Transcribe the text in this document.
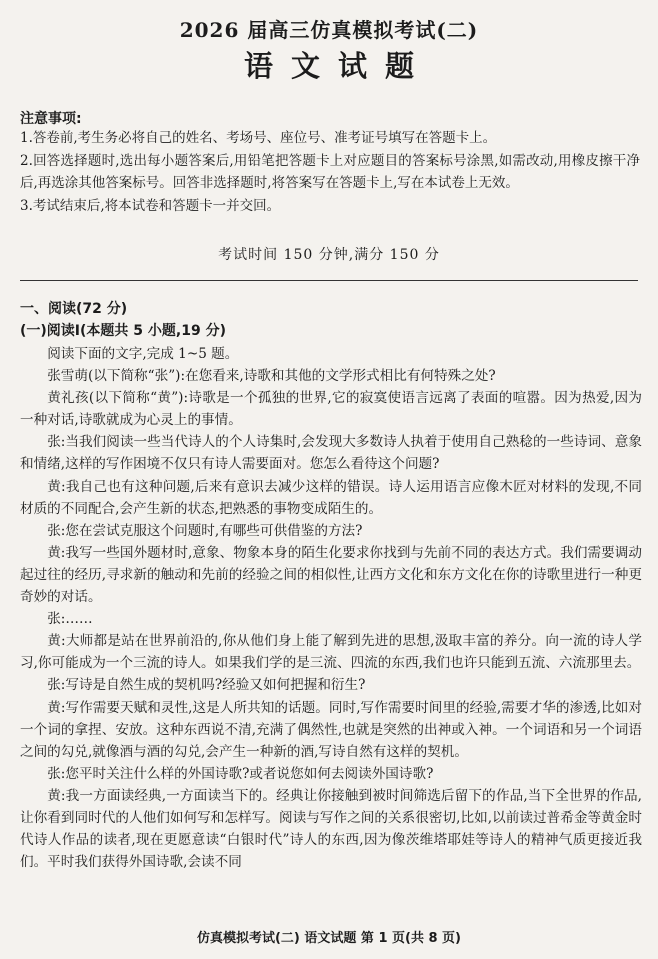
2026 届高三仿真模拟考试(二)
语文试题
注意事项:

1.答卷前,考生务必将自己的姓名、考场号、座位号、准考证号填写在答题卡上。

2.回答选择题时,选出每小题答案后,用铅笔把答题卡上对应题目的答案标号涂黑,如需改动,用橡皮擦干净后,再选涂其他答案标号。回答非选择题时,将答案写在答题卡上,写在本试卷上无效。

3.考试结束后,将本试卷和答题卡一并交回。

考试时间 150 分钟,满分 150 分
一、阅读(72 分)
(一)阅读Ⅰ(本题共 5 小题,19 分)

阅读下面的文字,完成 1~5 题。

张雪萌(以下简称“张”):在您看来,诗歌和其他的文学形式相比有何特殊之处?

黄礼孩(以下简称“黄”):诗歌是一个孤独的世界,它的寂寞使语言远离了表面的喧嚣。因为热爱,因为一种对话,诗歌就成为心灵上的事情。

张:当我们阅读一些当代诗人的个人诗集时,会发现大多数诗人执着于使用自己熟稔的一些诗词、意象和情绪,这样的写作困境不仅只有诗人需要面对。您怎么看待这个问题?

黄:我自己也有这种问题,后来有意识去减少这样的错误。诗人运用语言应像木匠对材料的发现,不同材质的不同配合,会产生新的状态,把熟悉的事物变成陌生的。

张:您在尝试克服这个问题时,有哪些可供借鉴的方法?

黄:我写一些国外题材时,意象、物象本身的陌生化要求你找到与先前不同的表达方式。我们需要调动起过往的经历,寻求新的触动和先前的经验之间的相似性,让西方文化和东方文化在你的诗歌里进行一种更奇妙的对话。

张:……

黄:大师都是站在世界前沿的,你从他们身上能了解到先进的思想,汲取丰富的养分。向一流的诗人学习,你可能成为一个三流的诗人。如果我们学的是三流、四流的东西,我们也许只能到五流、六流那里去。

张:写诗是自然生成的契机吗?经验又如何把握和衍生?

黄:写作需要天赋和灵性,这是人所共知的话题。同时,写作需要时间里的经验,需要才华的渗透,比如对一个词的拿捏、安放。这种东西说不清,充满了偶然性,也就是突然的出神或入神。一个词语和另一个词语之间的勾兑,就像酒与酒的勾兑,会产生一种新的酒,写诗自然有这样的契机。

张:您平时关注什么样的外国诗歌?或者说您如何去阅读外国诗歌?

黄:我一方面读经典,一方面读当下的。经典让你接触到被时间筛选后留下的作品,当下全世界的作品,让你看到同时代的人他们如何写和怎样写。阅读与写作之间的关系很密切,比如,以前读过普希金等黄金时代诗人作品的读者,现在更愿意读“白银时代”诗人的东西,因为像茨维塔耶娃等诗人的精神气质更接近我们。平时我们获得外国诗歌,会读不同

仿真模拟考试(二) 语文试题 第 1 页(共 8 页)
